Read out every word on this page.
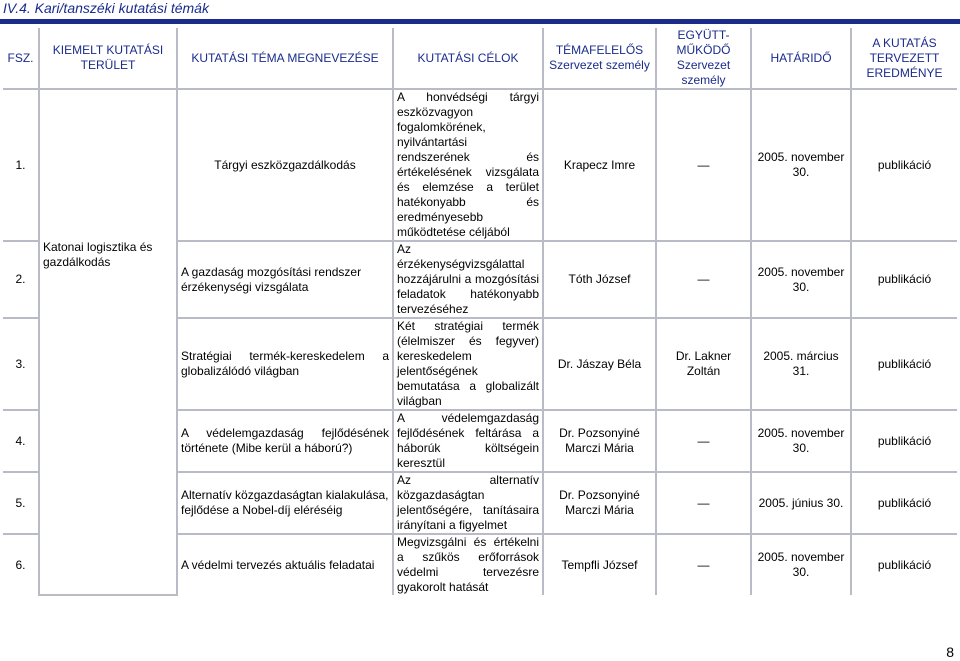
IV.4. Kari/tanszéki kutatási témák
FSZ.	KIEMELT KUTATÁSI TERÜLET	KUTATÁSI TÉMA MEGNEVEZÉSE	KUTATÁSI CÉLOK	TÉMAFELELŐS Szervezet személy	EGYÜTT-MŰKÖDŐ Szervezet személy	HATÁRIDŐ	A KUTATÁS TERVEZETT EREDMÉNYE
1.	Katonai logisztika és gazdálkodás	Tárgyi eszközgazdálkodás	A honvédségi tárgyi eszközvagyon fogalomkörének, nyilvántartási rendszerének és értékelésének vizsgálata és elemzése a terület hatékonyabb és eredményesebb működtetése céljából	Krapecz Imre	—	2005. november 30.	publikáció
2.		A gazdaság mozgósítási rendszer érzékenységi vizsgálata	Az érzékenységvizsgálattal hozzájárulni a mozgósítási feladatok hatékonyabb tervezéséhez	Tóth József	—	2005. november 30.	publikáció
3.		Stratégiai termék-kereskedelem a globalizálódó világban	Két stratégiai termék (élelmiszer és fegyver) kereskedelem jelentőségének bemutatása a globalizált világban	Dr. Jászay Béla	Dr. Lakner Zoltán	2005. március 31.	publikáció
4.		A védelemgazdaság fejlődésének története (Mibe kerül a háború?)	A védelemgazdaság fejlődésének feltárása a háborúk költségein keresztül	Dr. Pozsonyiné Marczi Mária	—	2005. november 30.	publikáció
5.		Alternatív közgazdaságtan kialakulása, fejlődése a Nobel-díj eléréséig	Az alternatív közgazdaságtan jelentőségére, tanításaira irányítani a figyelmet	Dr. Pozsonyiné Marczi Mária	—	2005. június 30.	publikáció
6.		A védelmi tervezés aktuális feladatai	Megvizsgálni és értékelni a szűkös erőforrások védelmi tervezésre gyakorolt hatását	Tempfli József	—	2005. november 30.	publikáció
8
